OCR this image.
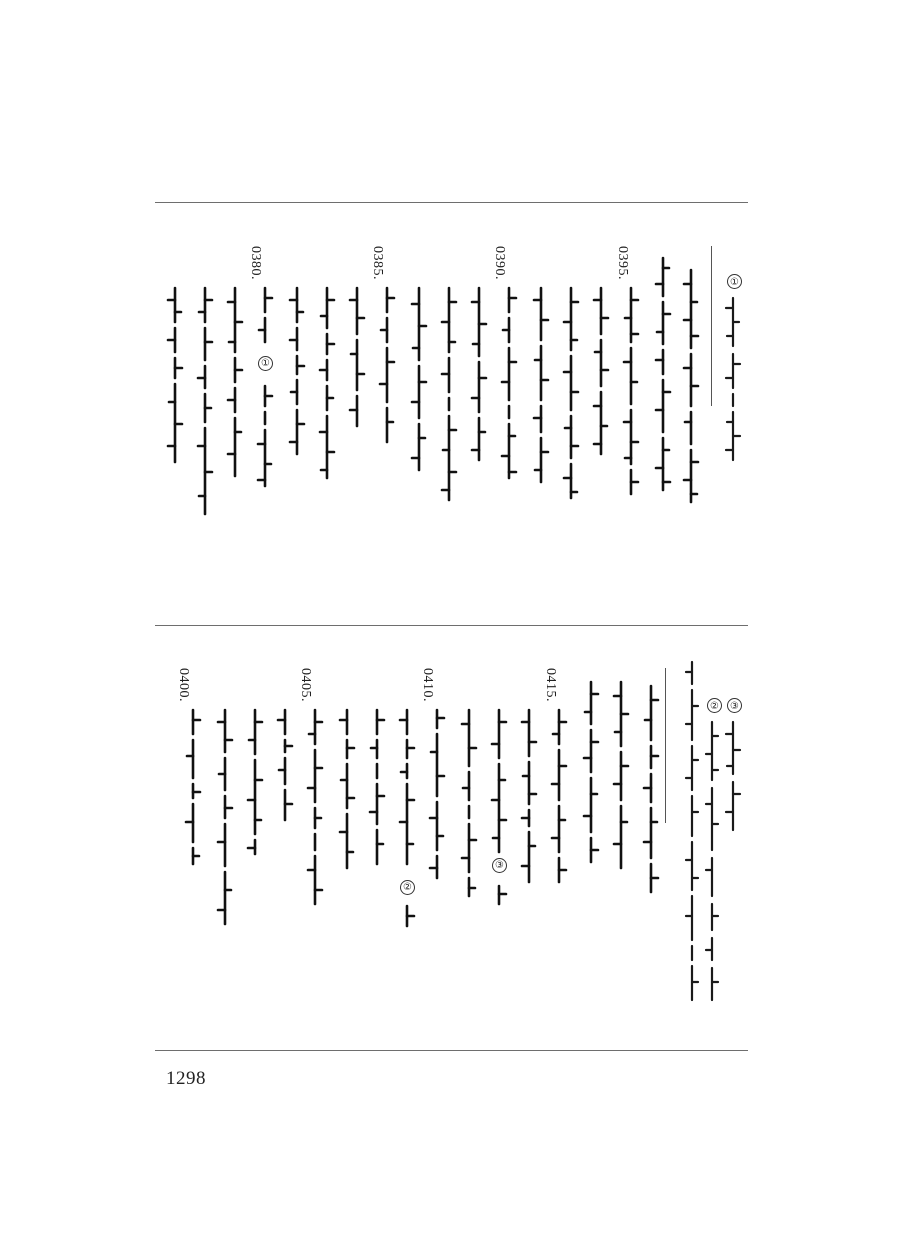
①
0395.
0390.
0385.
0380.
①
③
②
0415.
③
0410.
②
0405.
0400.
1298
